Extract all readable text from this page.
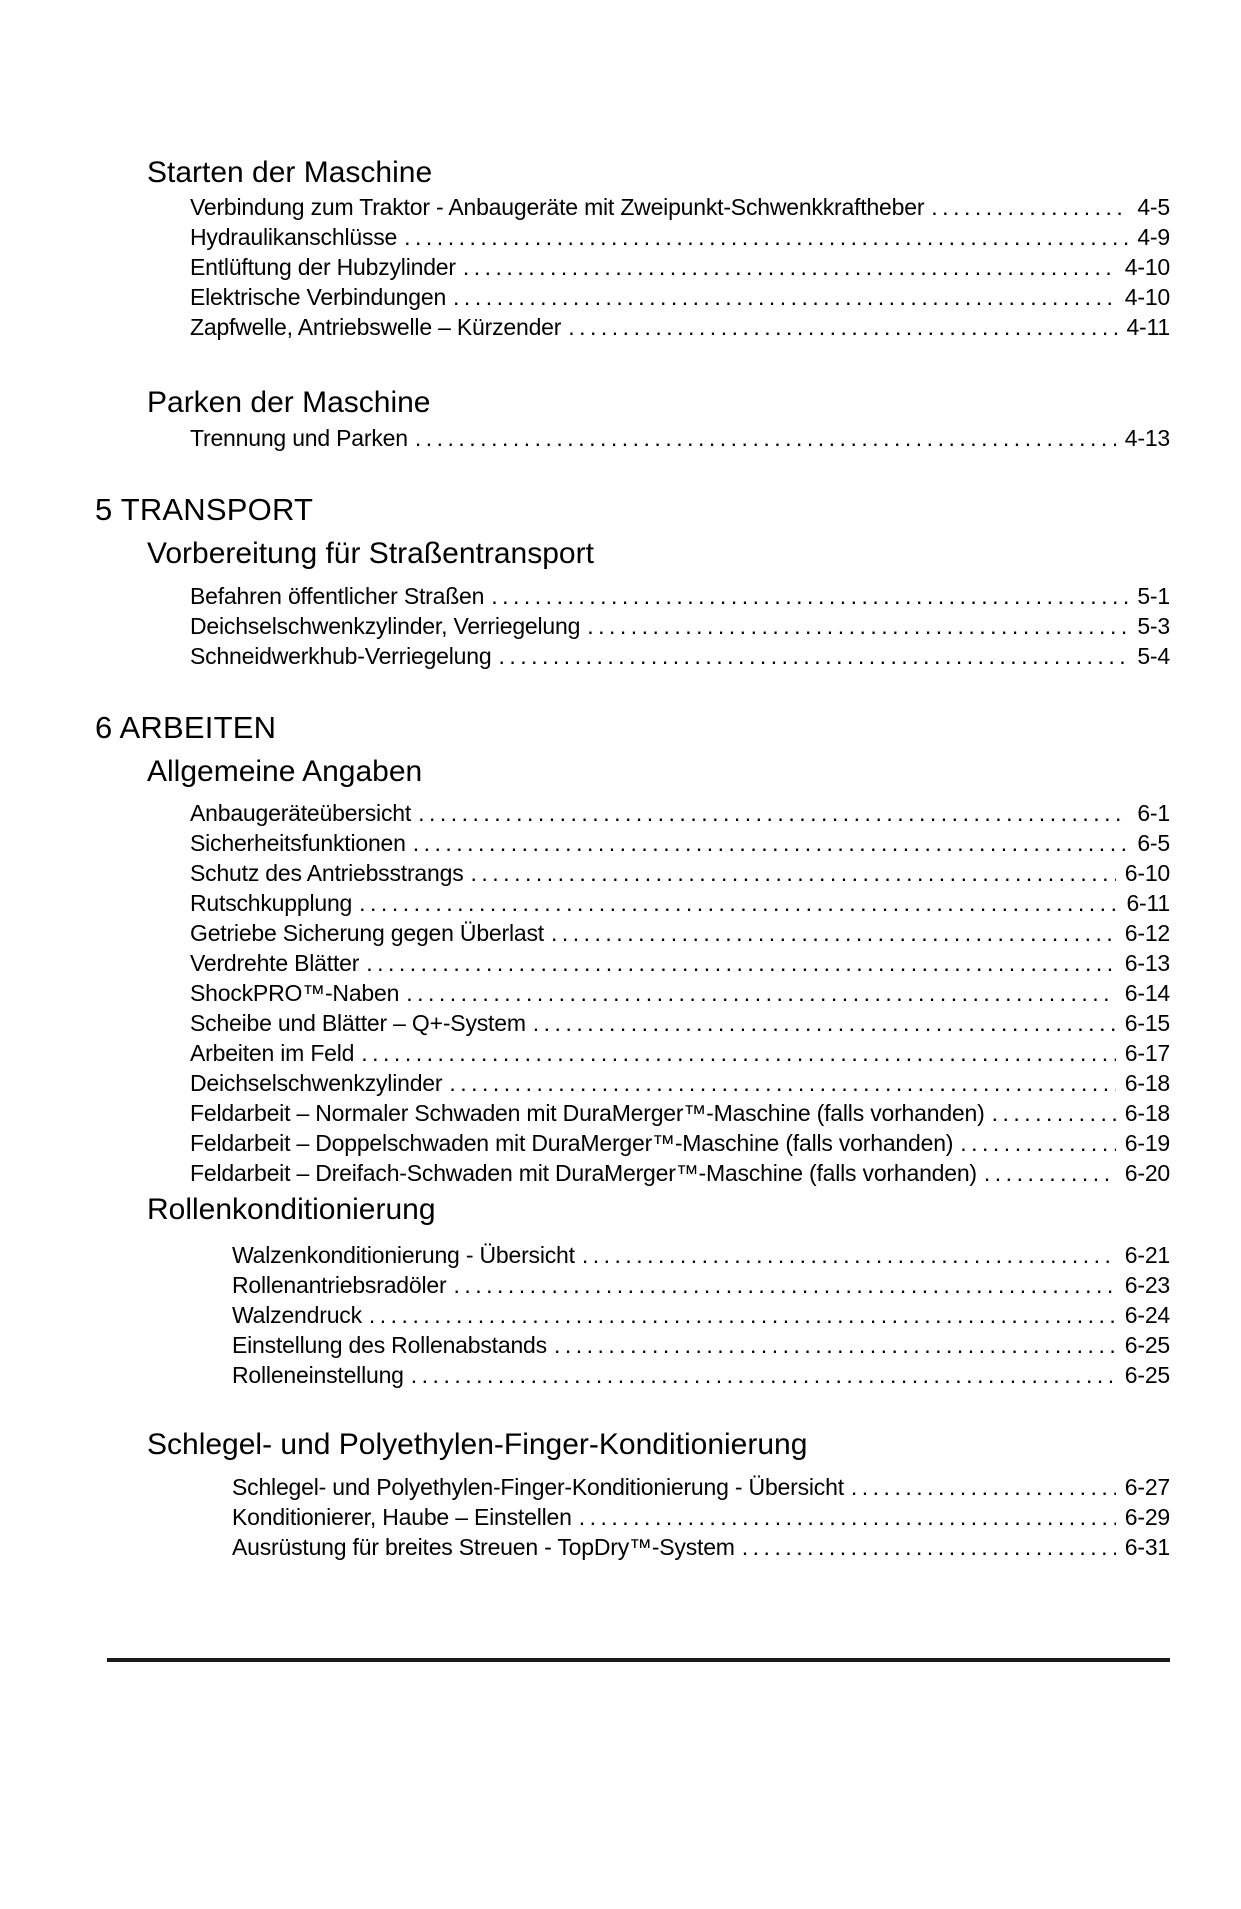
Starten der Maschine
Verbindung zum Traktor - Anbaugeräte mit Zweipunkt-Schwenkkraftheber .....	4-5
Hydraulikanschlüsse .....	4-9
Entlüftung der Hubzylinder .....	4-10
Elektrische Verbindungen .....	4-10
Zapfwelle, Antriebswelle – Kürzender .....	4-11
Parken der Maschine
Trennung und Parken .....	4-13
5 TRANSPORT
Vorbereitung für Straßentransport
Befahren öffentlicher Straßen .....	5-1
Deichselschwenkzylinder, Verriegelung .....	5-3
Schneidwerkhub-Verriegelung .....	5-4
6 ARBEITEN
Allgemeine Angaben
Anbaugeräteübersicht .....	6-1
Sicherheitsfunktionen .....	6-5
Schutz des Antriebsstrangs .....	6-10
Rutschkupplung .....	6-11
Getriebe Sicherung gegen Überlast .....	6-12
Verdrehte Blätter .....	6-13
ShockPRO™-Naben .....	6-14
Scheibe und Blätter – Q+-System .....	6-15
Arbeiten im Feld .....	6-17
Deichselschwenkzylinder .....	6-18
Feldarbeit – Normaler Schwaden mit DuraMerger™-Maschine (falls vorhanden) .....	6-18
Feldarbeit – Doppelschwaden mit DuraMerger™-Maschine (falls vorhanden) .....	6-19
Feldarbeit – Dreifach-Schwaden mit DuraMerger™-Maschine (falls vorhanden) .....	6-20
Rollenkonditionierung
Walzenkonditionierung - Übersicht .....	6-21
Rollenantriebsradöler .....	6-23
Walzendruck .....	6-24
Einstellung des Rollenabstands .....	6-25
Rolleneinstellung .....	6-25
Schlegel- und Polyethylen-Finger-Konditionierung
Schlegel- und Polyethylen-Finger-Konditionierung - Übersicht .....	6-27
Konditionierer, Haube – Einstellen .....	6-29
Ausrüstung für breites Streuen - TopDry™-System .....	6-31
